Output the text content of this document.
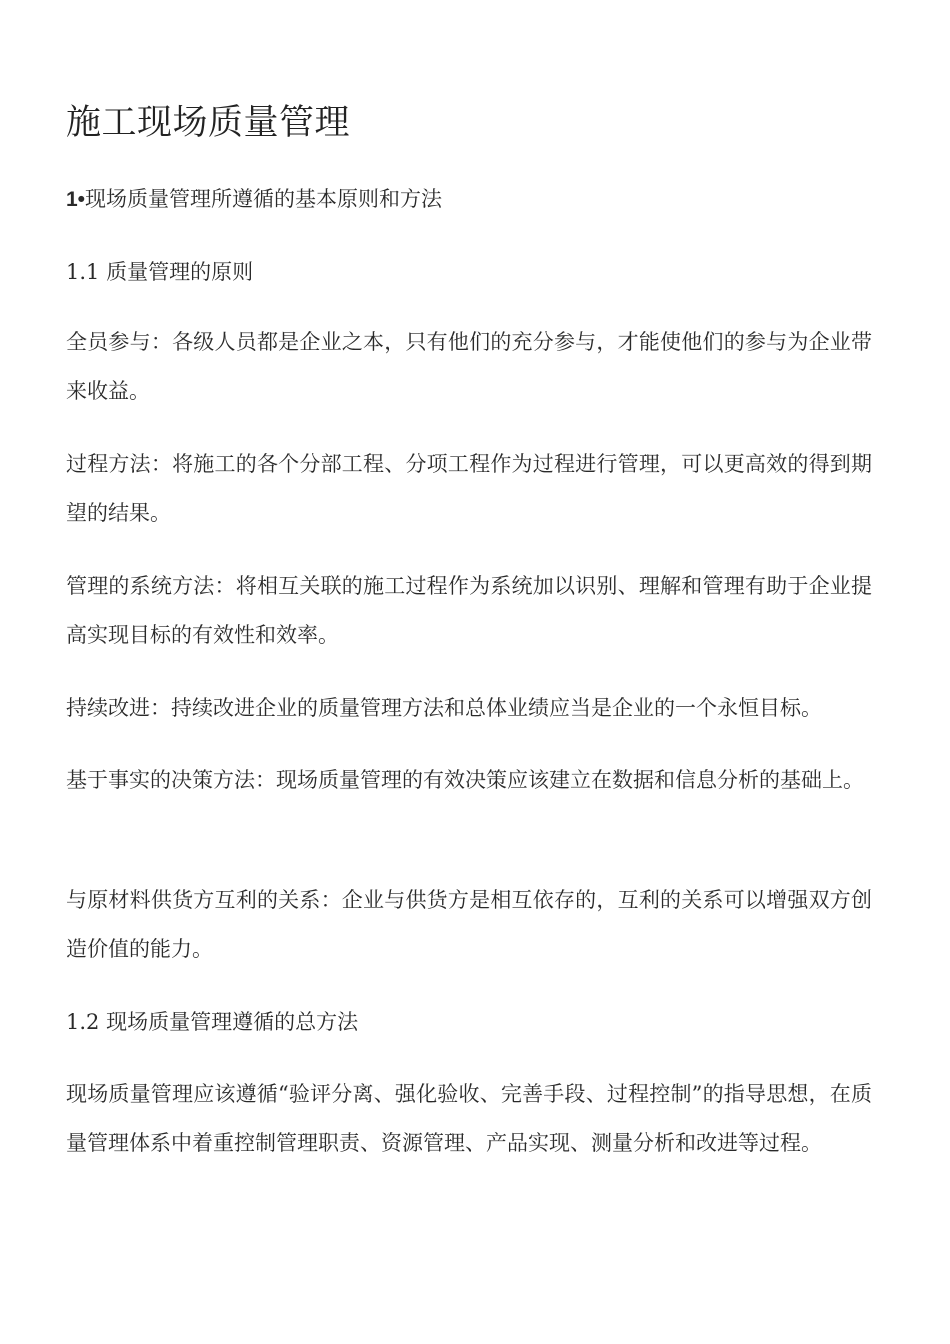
施工现场质量管理
1•现场质量管理所遵循的基本原则和方法
1.1 质量管理的原则

全员参与：各级人员都是企业之本，只有他们的充分参与，才能使他们的参与为企业带来收益。

过程方法：将施工的各个分部工程、分项工程作为过程进行管理，可以更高效的得到期望的结果。

管理的系统方法：将相互关联的施工过程作为系统加以识别、理解和管理有助于企业提高实现目标的有效性和效率。

持续改进：持续改进企业的质量管理方法和总体业绩应当是企业的一个永恒目标。

基于事实的决策方法：现场质量管理的有效决策应该建立在数据和信息分析的基础上。

与原材料供货方互利的关系：企业与供货方是相互依存的，互利的关系可以增强双方创造价值的能力。

1.2 现场质量管理遵循的总方法

现场质量管理应该遵循“验评分离、强化验收、完善手段、过程控制”的指导思想，在质量管理体系中着重控制管理职责、资源管理、产品实现、测量分析和改进等过程。
